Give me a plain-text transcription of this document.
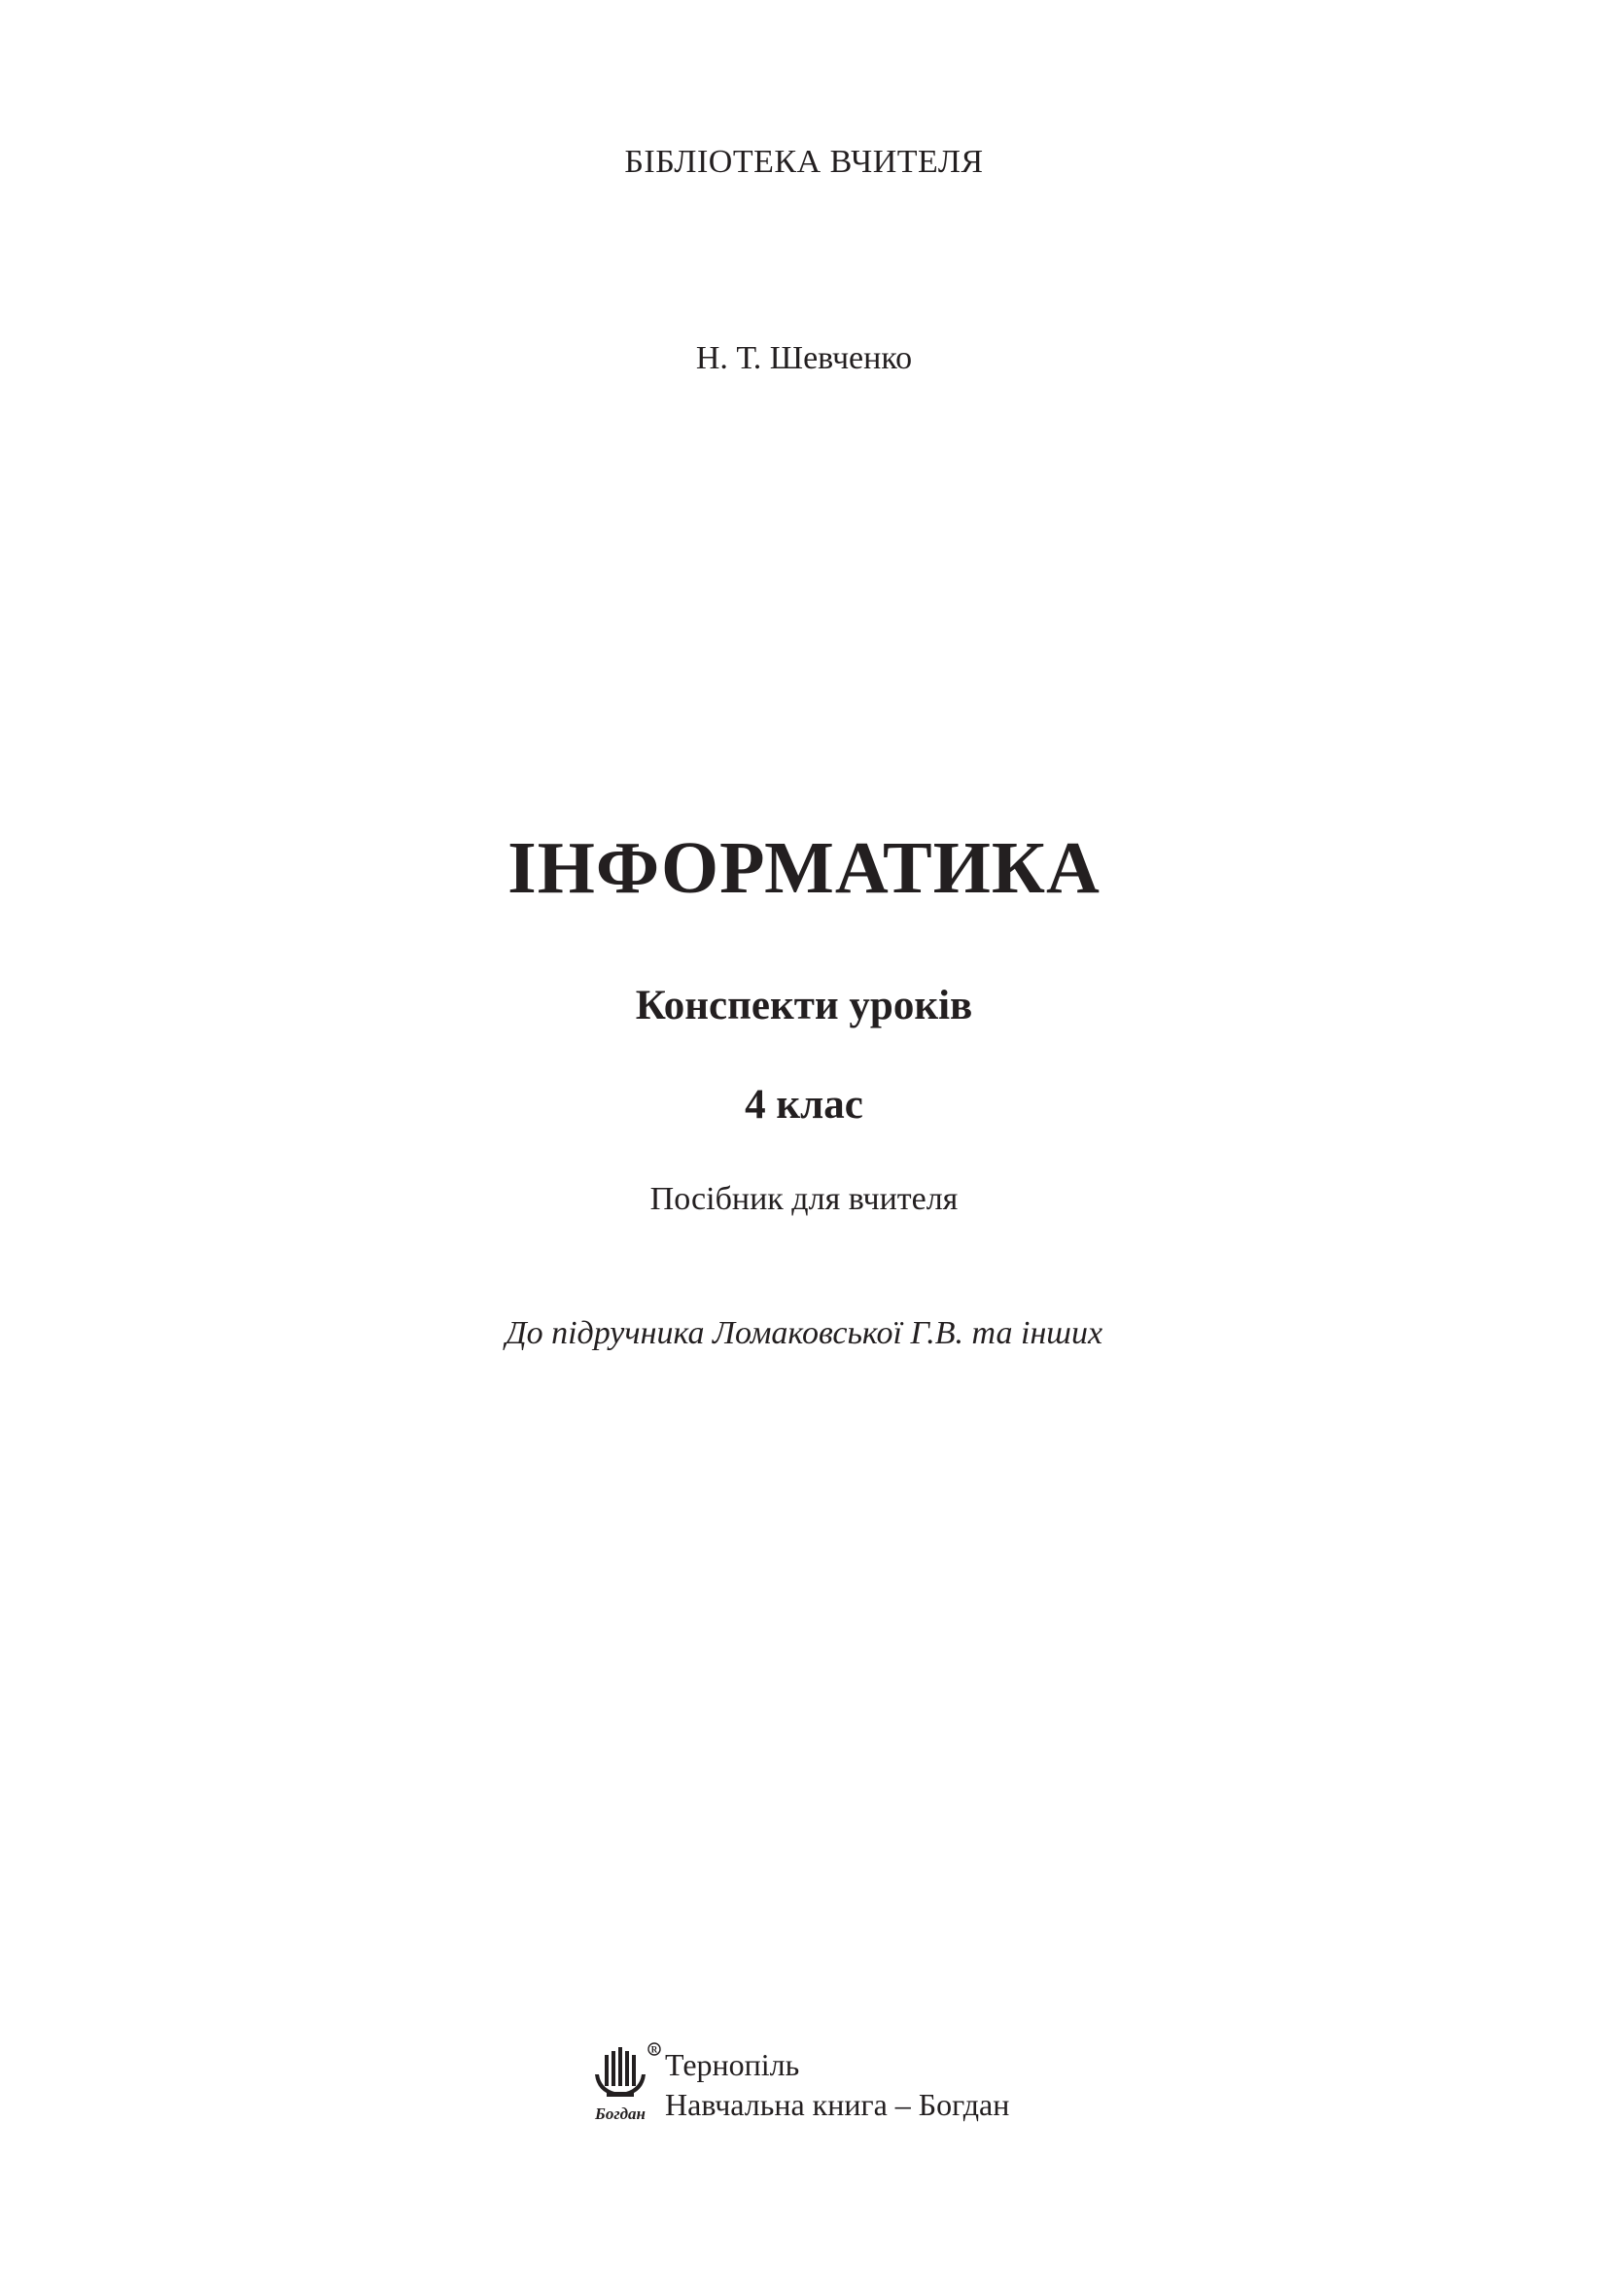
БІБЛІОТЕКА ВЧИТЕЛЯ
Н. Т. Шевченко
ІНФОРМАТИКА
Конспекти уроків
4 клас
Посібник для вчителя
До підручника Ломаковської Г.В. та інших
R
Богдан
Тернопіль
Навчальна книга – Богдан
